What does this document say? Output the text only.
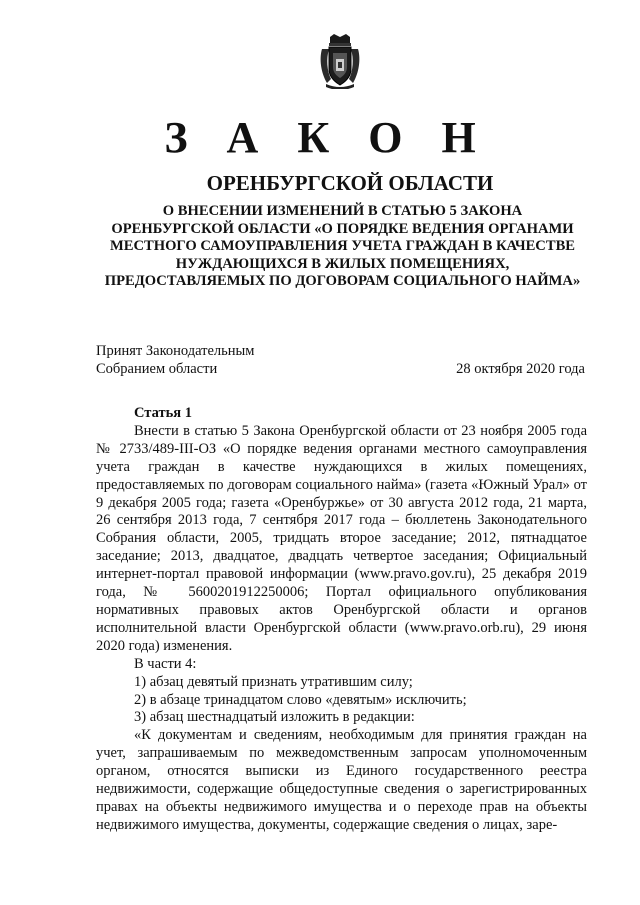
З А К О Н
ОРЕНБУРГСКОЙ ОБЛАСТИ
О ВНЕСЕНИИ ИЗМЕНЕНИЙ В СТАТЬЮ 5 ЗАКОНА
ОРЕНБУРГСКОЙ ОБЛАСТИ «О ПОРЯДКЕ ВЕДЕНИЯ ОРГАНАМИ
МЕСТНОГО САМОУПРАВЛЕНИЯ УЧЕТА ГРАЖДАН В КАЧЕСТВЕ
НУЖДАЮЩИХСЯ В ЖИЛЫХ ПОМЕЩЕНИЯХ,
ПРЕДОСТАВЛЯЕМЫХ ПО ДОГОВОРАМ СОЦИАЛЬНОГО НАЙМА»
Принят Законодательным
Собранием области	28 октября 2020 года

Статья 1

Внести в статью 5 Закона Оренбургской области от 23 ноября 2005 года № 2733/489-III-ОЗ «О порядке ведения органами местного самоуправления учета граждан в качестве нуждающихся в жилых помещениях, предоставляемых по договорам социального найма» (газета «Южный Урал» от 9 декабря 2005 года; газета «Оренбуржье» от 30 августа 2012 года, 21 марта, 26 сентября 2013 года, 7 сентября 2017 года – бюллетень Законодательного Собрания области, 2005, тридцать второе заседание; 2012, пятнадцатое заседание; 2013, двадцатое, двадцать четвертое заседания; Официальный интернет-портал правовой информации (www.pravo.gov.ru), 25 декабря 2019 года, № 5600201912250006; Портал официального опубликования нормативных правовых актов Оренбургской области и органов исполнительной власти Оренбургской области (www.pravo.orb.ru), 29 июня 2020 года) изменения.

В части 4:

1) абзац девятый признать утратившим силу;

2) в абзаце тринадцатом слово «девятым» исключить;

3) абзац шестнадцатый изложить в редакции:

«К документам и сведениям, необходимым для принятия граждан на учет, запрашиваемым по межведомственным запросам уполномоченным органом, относятся выписки из Единого государственного реестра недвижимости, содержащие общедоступные сведения о зарегистрированных правах на объекты недвижимого имущества и о переходе прав на объекты недвижимого имущества, документы, содержащие сведения о лицах, заре-
